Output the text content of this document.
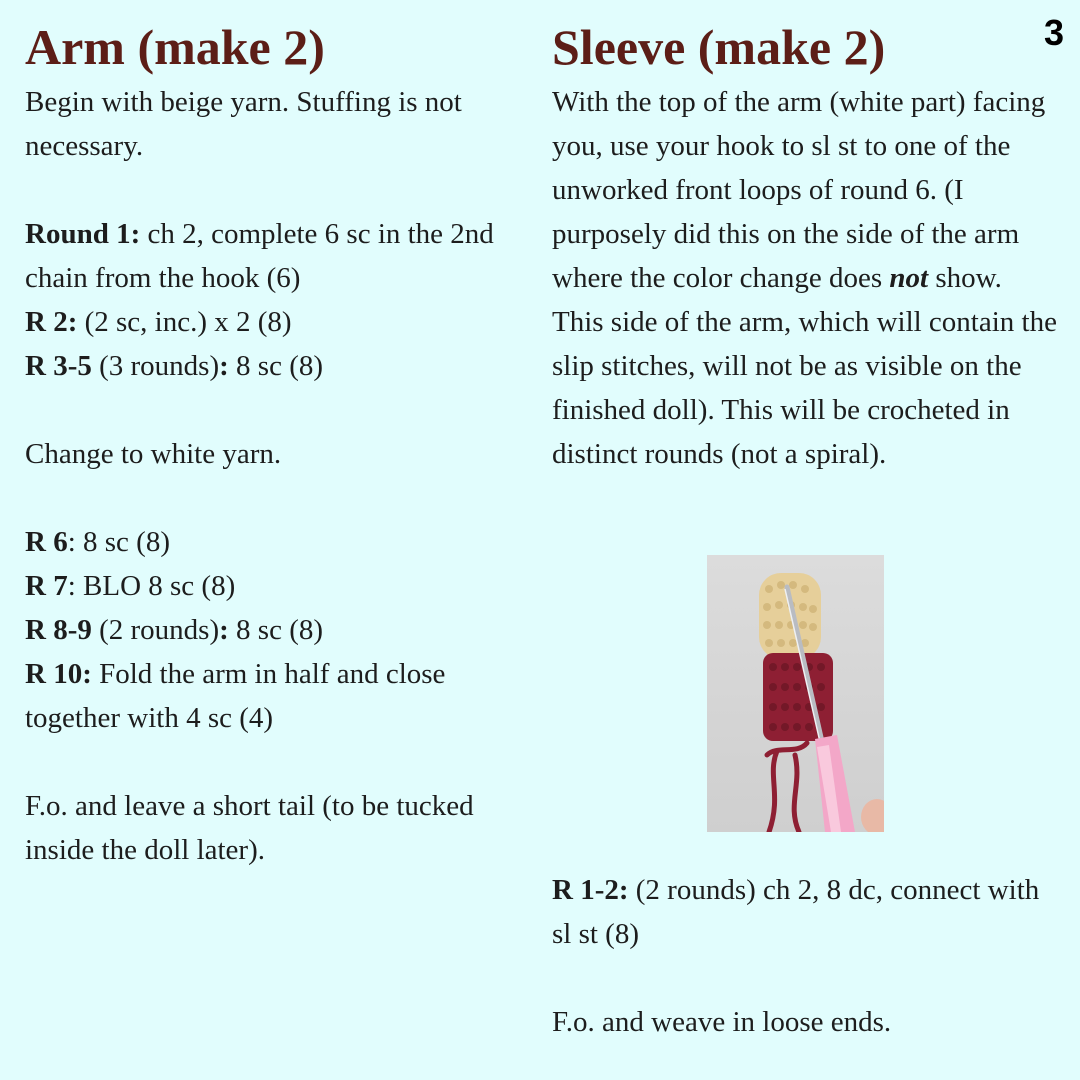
3
Arm (make 2)

Begin with beige yarn. Stuffing is not necessary.

Round 1: ch 2, complete 6 sc in the 2nd chain from the hook (6)

R 2: (2 sc, inc.) x 2 (8)

R 3-5 (3 rounds): 8 sc (8)

Change to white yarn.

R 6: 8 sc (8)

R 7: BLO 8 sc (8)

R 8-9 (2 rounds): 8 sc (8)

R 10: Fold the arm in half and close together with 4 sc (4)

F.o. and leave a short tail (to be tucked inside the doll later).

Sleeve (make 2)

With the top of the arm (white part) facing you, use your hook to sl st to one of the unworked front loops of round 6. (I purposely did this on the side of the arm where the color change does not show. This side of the arm, which will contain the slip stitches, will not be as visible on the finished doll). This will be crocheted in distinct rounds (not a spiral).

R 1-2: (2 rounds) ch 2, 8 dc, connect with sl st (8)

F.o. and weave in loose ends.
